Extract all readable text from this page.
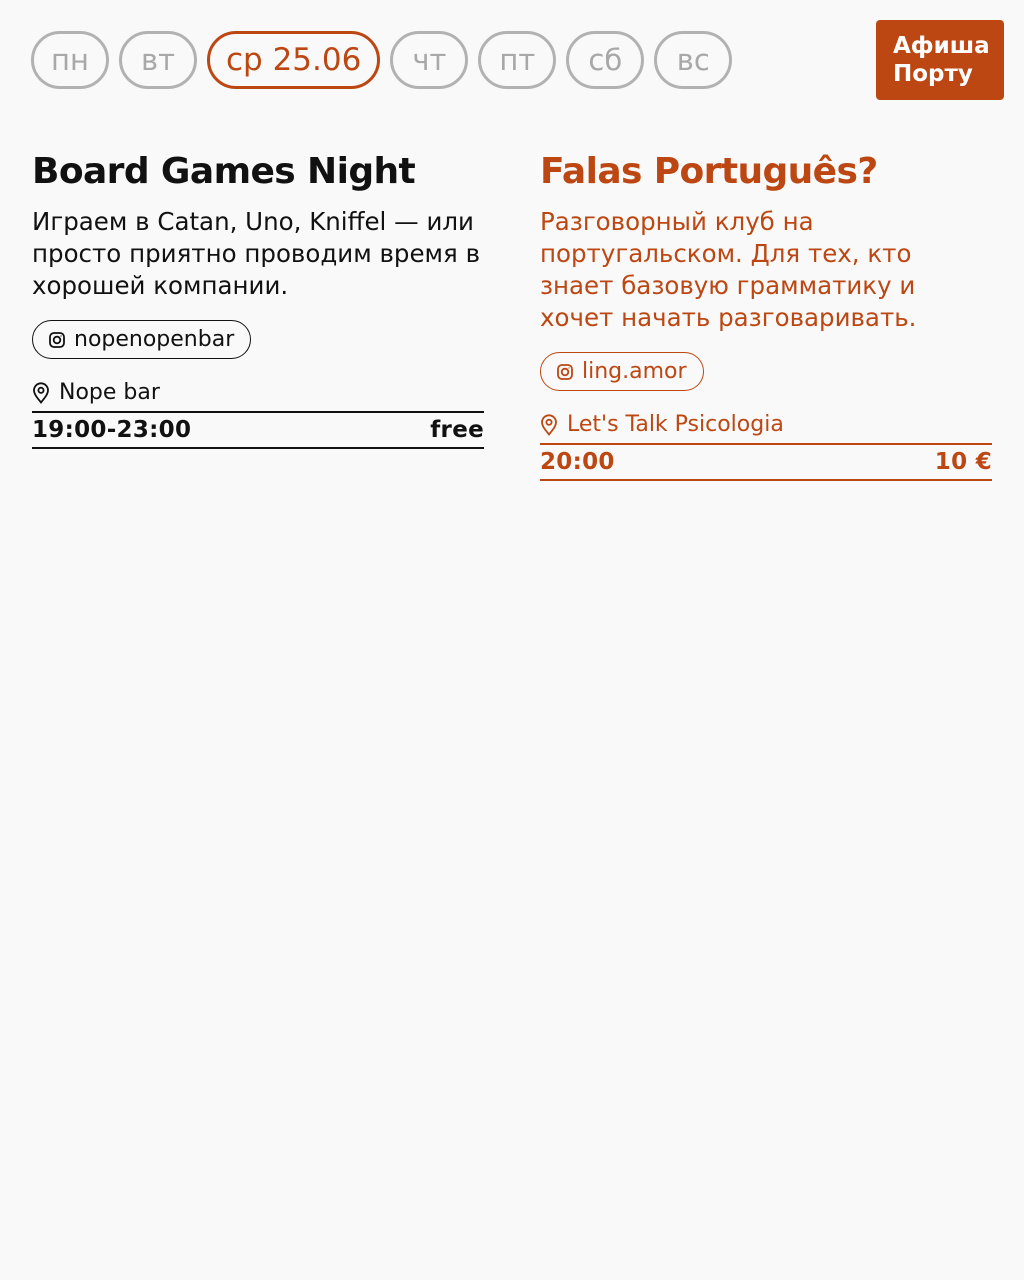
пн	вт	ср 25.06	чт	пт	сб	вс	Афиша
Порту
Board Games Night

Играем в Catan, Uno, Kniffel — или просто приятно проводим время в хорошей компании.

nopenopenbar
Nope bar
19:00-23:00	free
Falas Português?

Разговорный клуб на португальском. Для тех, кто знает базовую грамматику и хочет начать разговаривать.

ling.amor
Let's Talk Psicologia
20:00	10 €
